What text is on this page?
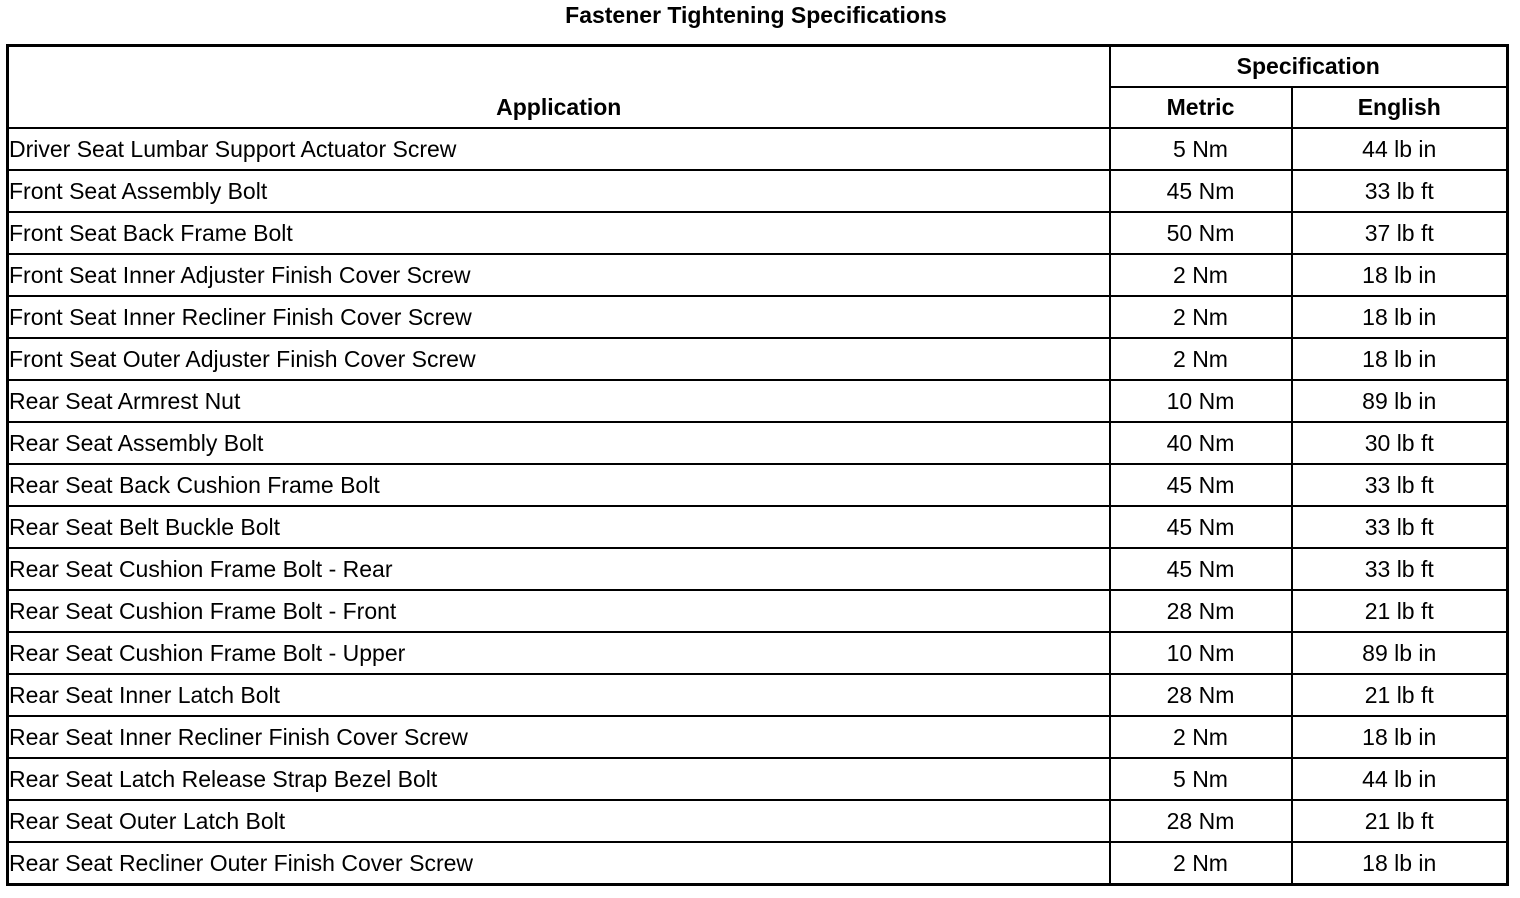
Fastener Tightening Specifications
Application	Specification	
	Metric	English
Driver Seat Lumbar Support Actuator Screw	5 Nm	44 lb in
Front Seat Assembly Bolt	45 Nm	33 lb ft
Front Seat Back Frame Bolt	50 Nm	37 lb ft
Front Seat Inner Adjuster Finish Cover Screw	2 Nm	18 lb in
Front Seat Inner Recliner Finish Cover Screw	2 Nm	18 lb in
Front Seat Outer Adjuster Finish Cover Screw	2 Nm	18 lb in
Rear Seat Armrest Nut	10 Nm	89 lb in
Rear Seat Assembly Bolt	40 Nm	30 lb ft
Rear Seat Back Cushion Frame Bolt	45 Nm	33 lb ft
Rear Seat Belt Buckle Bolt	45 Nm	33 lb ft
Rear Seat Cushion Frame Bolt - Rear	45 Nm	33 lb ft
Rear Seat Cushion Frame Bolt - Front	28 Nm	21 lb ft
Rear Seat Cushion Frame Bolt - Upper	10 Nm	89 lb in
Rear Seat Inner Latch Bolt	28 Nm	21 lb ft
Rear Seat Inner Recliner Finish Cover Screw	2 Nm	18 lb in
Rear Seat Latch Release Strap Bezel Bolt	5 Nm	44 lb in
Rear Seat Outer Latch Bolt	28 Nm	21 lb ft
Rear Seat Recliner Outer Finish Cover Screw	2 Nm	18 lb in
